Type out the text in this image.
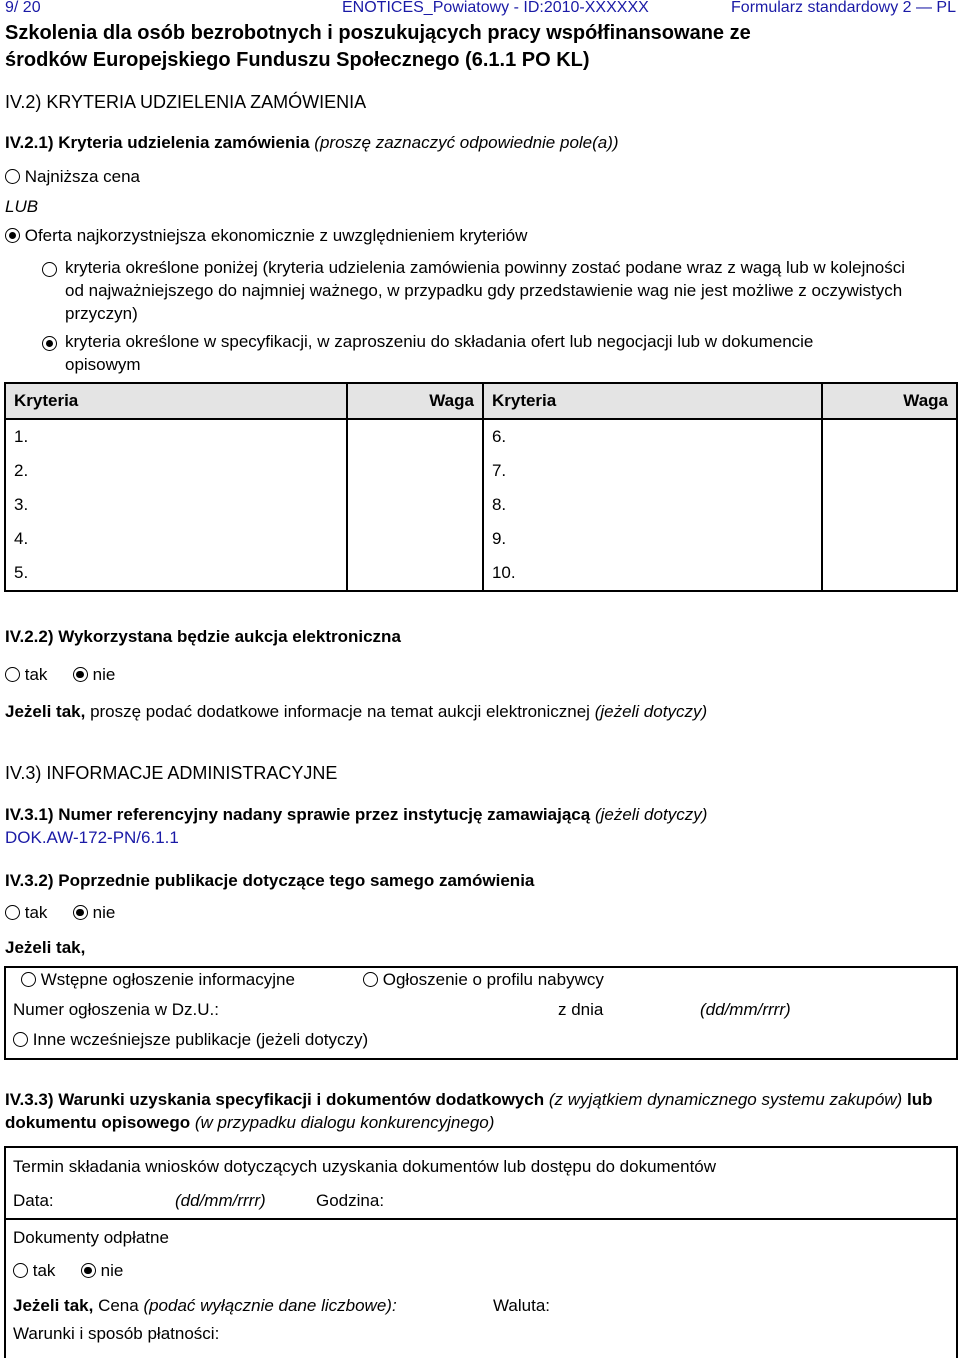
9/ 20	ENOTICES_Powiatowy - ID:2010-XXXXXX	Formularz standardowy 2 — PL
Szkolenia dla osób bezrobotnych i poszukujących pracy współfinansowane ze
środków Europejskiego Funduszu Społecznego (6.1.1 PO KL)
IV.2) KRYTERIA UDZIELENIA ZAMÓWIENIA
IV.2.1) Kryteria udzielenia zamówienia (proszę zaznaczyć odpowiednie pole(a))
Najniższa cena
LUB
Oferta najkorzystniejsza ekonomicznie z uwzględnieniem kryteriów
kryteria określone poniżej (kryteria udzielenia zamówienia powinny zostać podane wraz z wagą lub w kolejności od najważniejszego do najmniej ważnego, w przypadku gdy przedstawienie wag nie jest możliwe z oczywistych przyczyn)
kryteria określone w specyfikacji, w zaproszeniu do składania ofert lub negocjacji lub w dokumencie opisowym
Kryteria	Waga	Kryteria	Waga
1.		6.	
2.		7.	
3.		8.	
4.		9.	
5.		10.	
IV.2.2) Wykorzystana będzie aukcja elektroniczna
tak	nie
Jeżeli tak, proszę podać dodatkowe informacje na temat aukcji elektronicznej (jeżeli dotyczy)
IV.3) INFORMACJE ADMINISTRACYJNE
IV.3.1) Numer referencyjny nadany sprawie przez instytucję zamawiającą (jeżeli dotyczy)
DOK.AW-172-PN/6.1.1
IV.3.2) Poprzednie publikacje dotyczące tego samego zamówienia
tak	nie
Jeżeli tak,
Wstępne ogłoszenie informacyjne	Ogłoszenie o profilu nabywcy
Numer ogłoszenia w Dz.U.:	z dnia	(dd/mm/rrrr)
Inne wcześniejsze publikacje (jeżeli dotyczy)
IV.3.3) Warunki uzyskania specyfikacji i dokumentów dodatkowych (z wyjątkiem dynamicznego systemu zakupów) lub dokumentu opisowego (w przypadku dialogu konkurencyjnego)
Termin składania wniosków dotyczących uzyskania dokumentów lub dostępu do dokumentów
Data:	(dd/mm/rrrr)	Godzina:
Dokumenty odpłatne
tak	nie
Jeżeli tak, Cena (podać wyłącznie dane liczbowe):	Waluta:
Warunki i sposób płatności:
